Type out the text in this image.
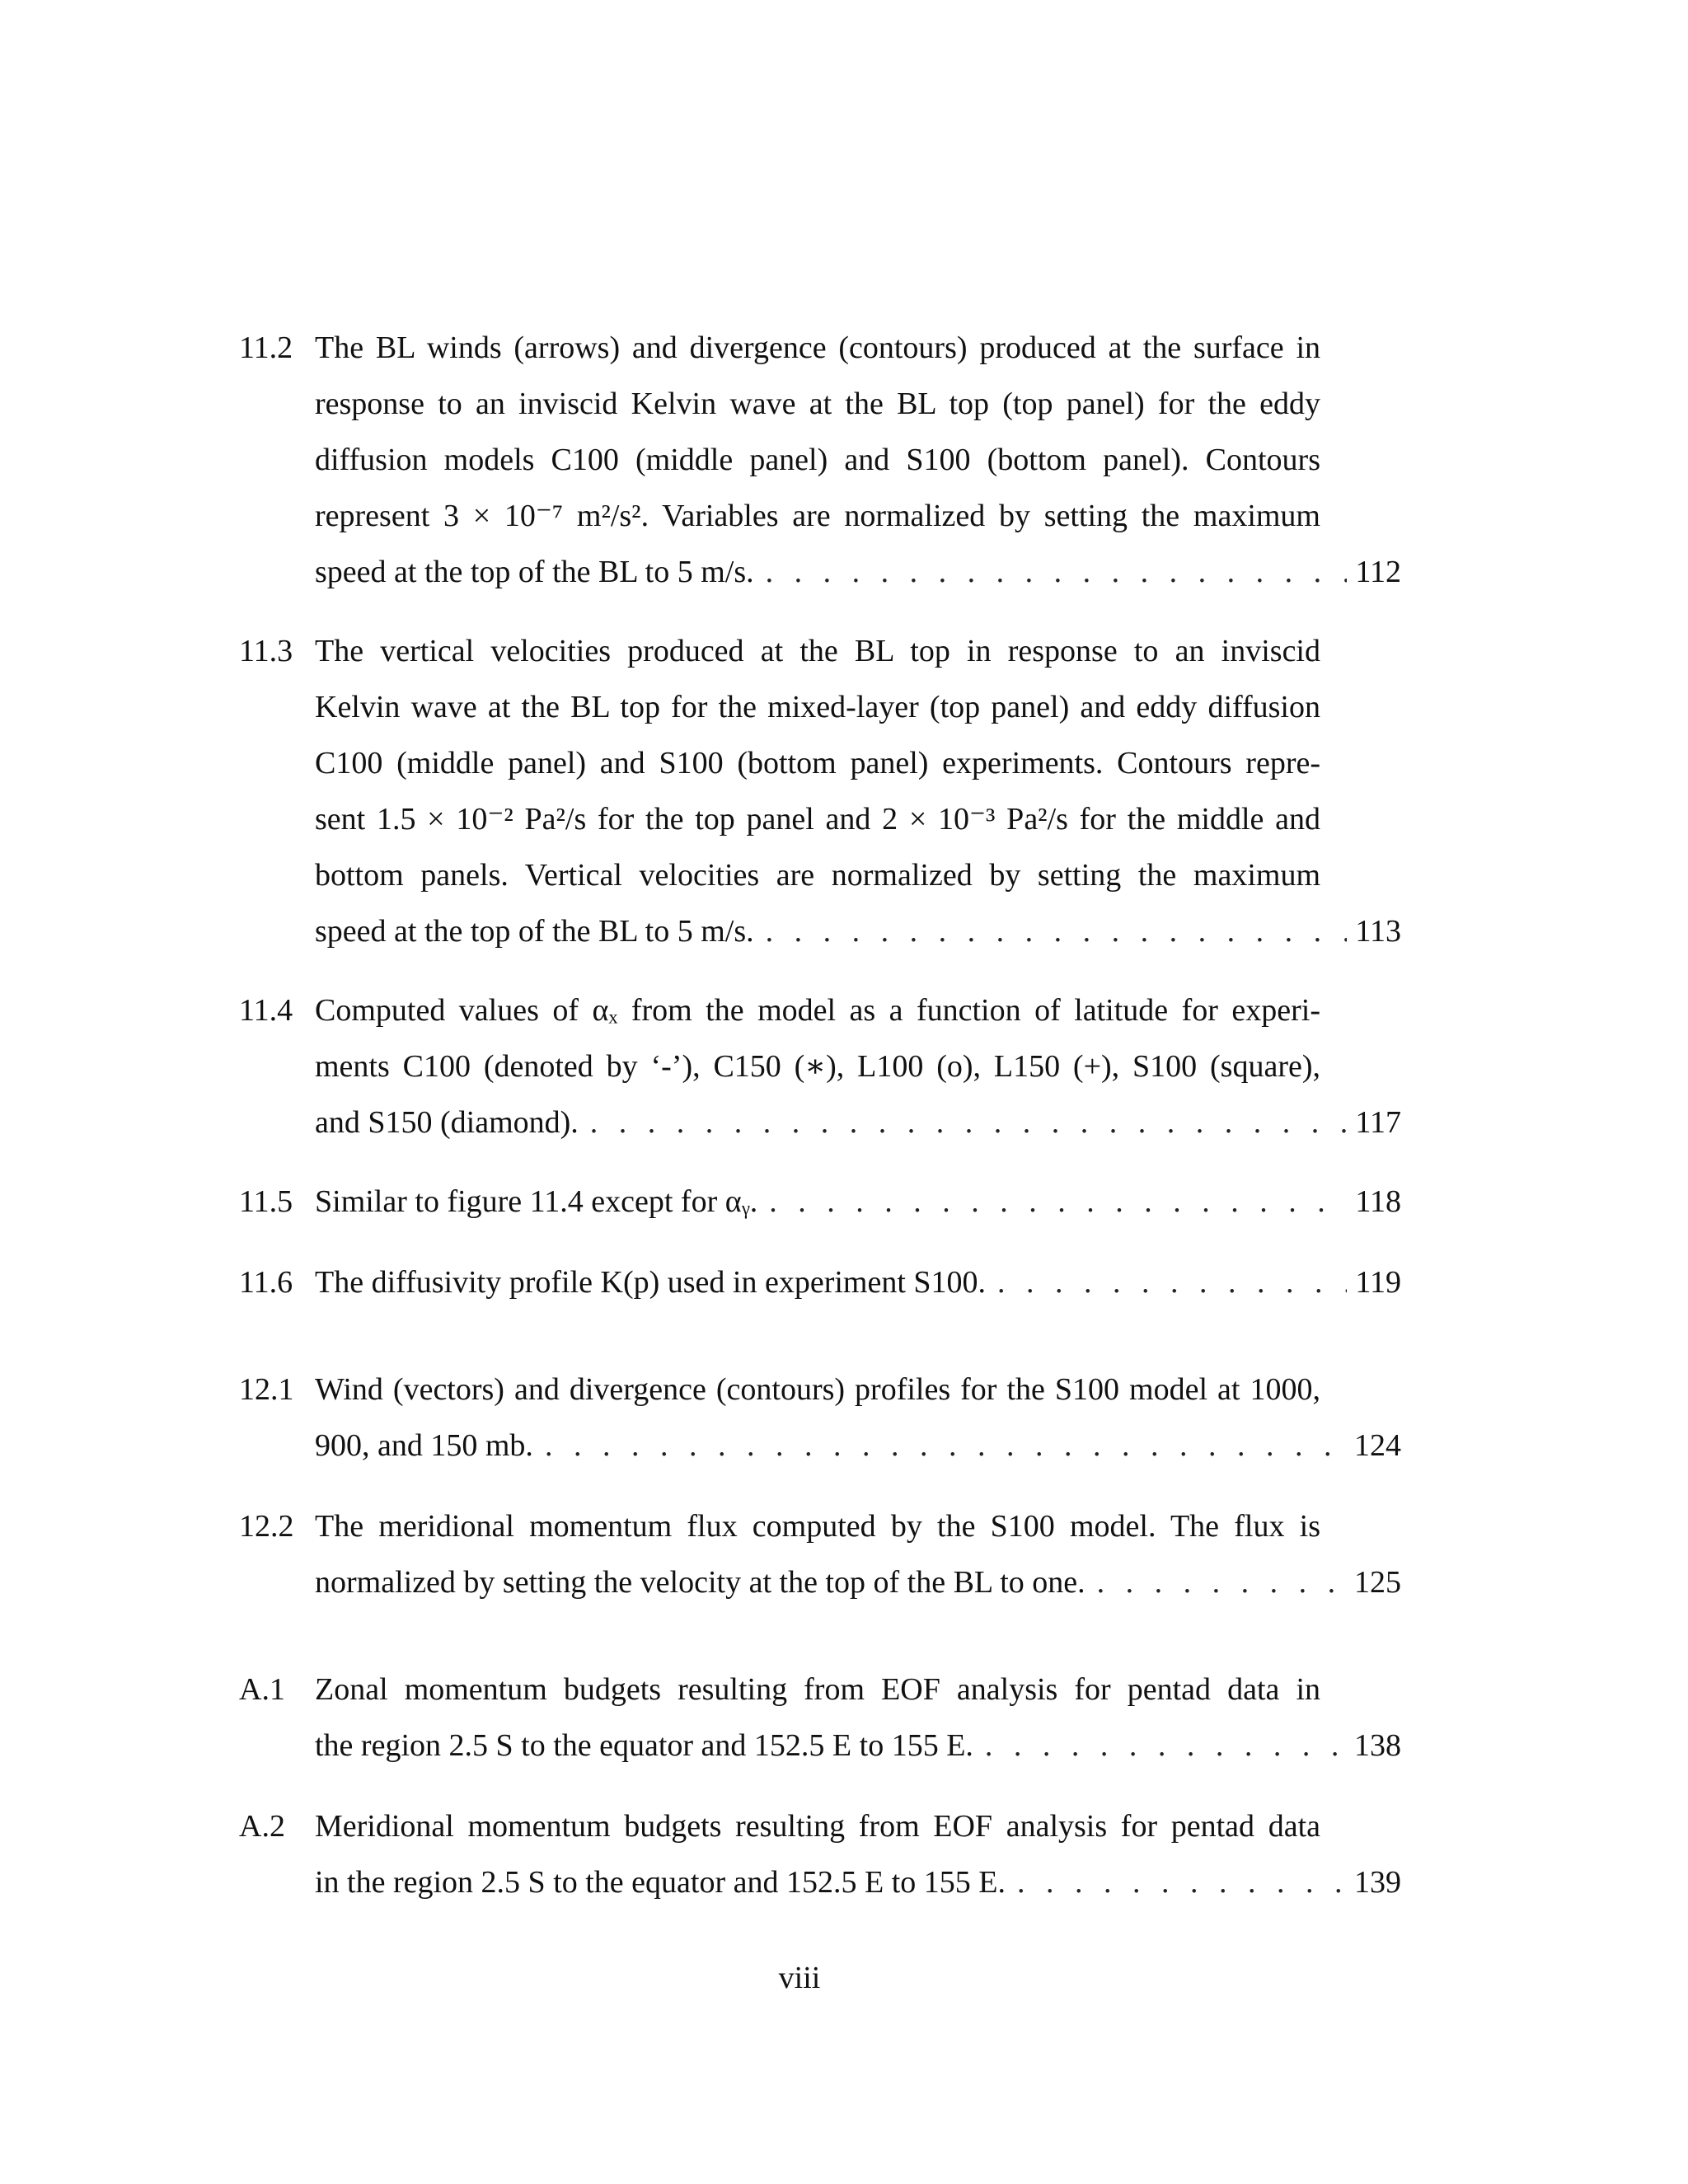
11.2 The BL winds (arrows) and divergence (contours) produced at the surface in
response to an inviscid Kelvin wave at the BL top (top panel) for the eddy
diffusion models C100 (middle panel) and S100 (bottom panel). Contours
represent 3 × 10⁻⁷ m²/s². Variables are normalized by setting the maximum
speed at the top of the BL to 5 m/s. . . .	112
11.3 The vertical velocities produced at the BL top in response to an inviscid
Kelvin wave at the BL top for the mixed-layer (top panel) and eddy diffusion
C100 (middle panel) and S100 (bottom panel) experiments. Contours repre-
sent 1.5 × 10⁻² Pa²/s for the top panel and 2 × 10⁻³ Pa²/s for the middle and
bottom panels. Vertical velocities are normalized by setting the maximum
speed at the top of the BL to 5 m/s. . . .	113
11.4 Computed values of αₓ from the model as a function of latitude for experi-
ments C100 (denoted by ‘-’), C150 (∗), L100 (o), L150 (+), S100 (square),
and S150 (diamond). . . .	117
11.5 Similar to figure 11.4 except for αᵧ. . . .	118
11.6 The diffusivity profile K(p) used in experiment S100. . . .	119
12.1 Wind (vectors) and divergence (contours) profiles for the S100 model at 1000,
900, and 150 mb. . . .	124
12.2 The meridional momentum flux computed by the S100 model. The flux is
normalized by setting the velocity at the top of the BL to one. . . .	125
A.1 Zonal momentum budgets resulting from EOF analysis for pentad data in
the region 2.5 S to the equator and 152.5 E to 155 E. . . .	138
A.2 Meridional momentum budgets resulting from EOF analysis for pentad data
in the region 2.5 S to the equator and 152.5 E to 155 E. . . .	139
viii
